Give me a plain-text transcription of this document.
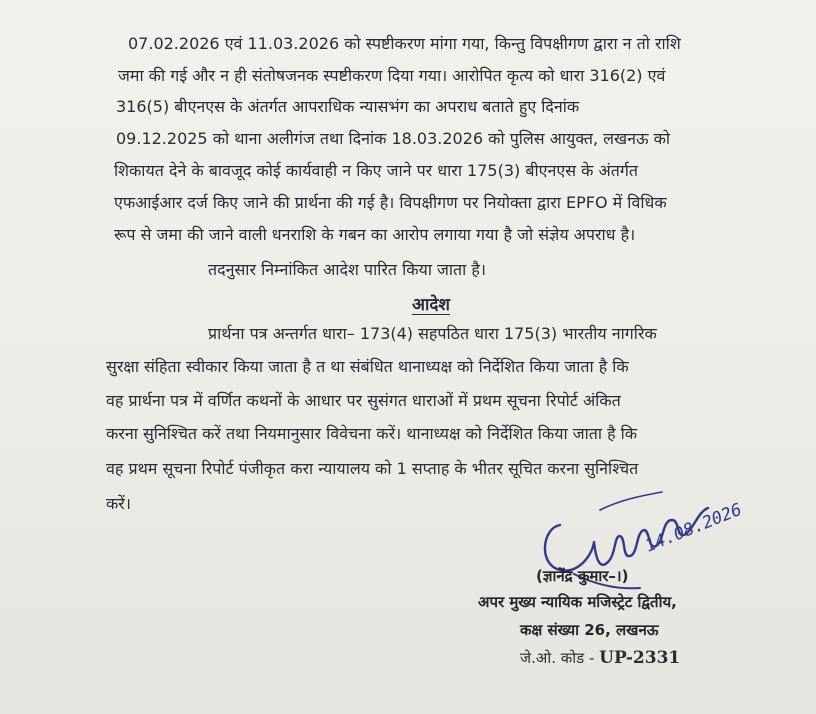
07.02.2026 एवं 11.03.2026 को स्पष्टीकरण मांगा गया, किन्तु विपक्षीगण द्वारा न तो राशि
जमा की गई और न ही संतोषजनक स्पष्टीकरण दिया गया। आरोपित कृत्य को धारा 316(2) एवं
316(5) बीएनएस के अंतर्गत आपराधिक न्यासभंग का अपराध बताते हुए दिनांक
09.12.2025 को थाना अलीगंज तथा दिनांक 18.03.2026 को पुलिस आयुक्त, लखनऊ को
शिकायत देने के बावजूद कोई कार्यवाही न किए जाने पर धारा 175(3) बीएनएस के अंतर्गत
एफआईआर दर्ज किए जाने की प्रार्थना की गई है। विपक्षीगण पर नियोक्ता द्वारा EPFO में विधिक
रूप से जमा की जाने वाली धनराशि के गबन का आरोप लगाया गया है जो संज्ञेय अपराध है।
तदनुसार निम्नांकित आदेश पारित किया जाता है।
आदेश
प्रार्थना पत्र अन्तर्गत धारा– 173(4) सहपठित धारा 175(3) भारतीय नागरिक
सुरक्षा संहिता स्वीकार किया जाता है त था संबंधित थानाध्यक्ष को निर्देशित किया जाता है कि
वह प्रार्थना पत्र में वर्णित कथनों के आधार पर सुसंगत धाराओं में प्रथम सूचना रिपोर्ट अंकित
करना सुनिश्चित करें तथा नियमानुसार विवेचना करें। थानाध्यक्ष को निर्देशित किया जाता है कि
वह प्रथम सूचना रिपोर्ट पंजीकृत करा न्यायालय को 1 सप्ताह के भीतर सूचित करना सुनिश्चित
करें।	14.08.2026
(ज्ञानेंद्र कुमार–।)
अपर मुख्य न्यायिक मजिस्ट्रेट द्वितीय,
कक्ष संख्या 26, लखनऊ
जे.ओ. कोड - UP-2331
